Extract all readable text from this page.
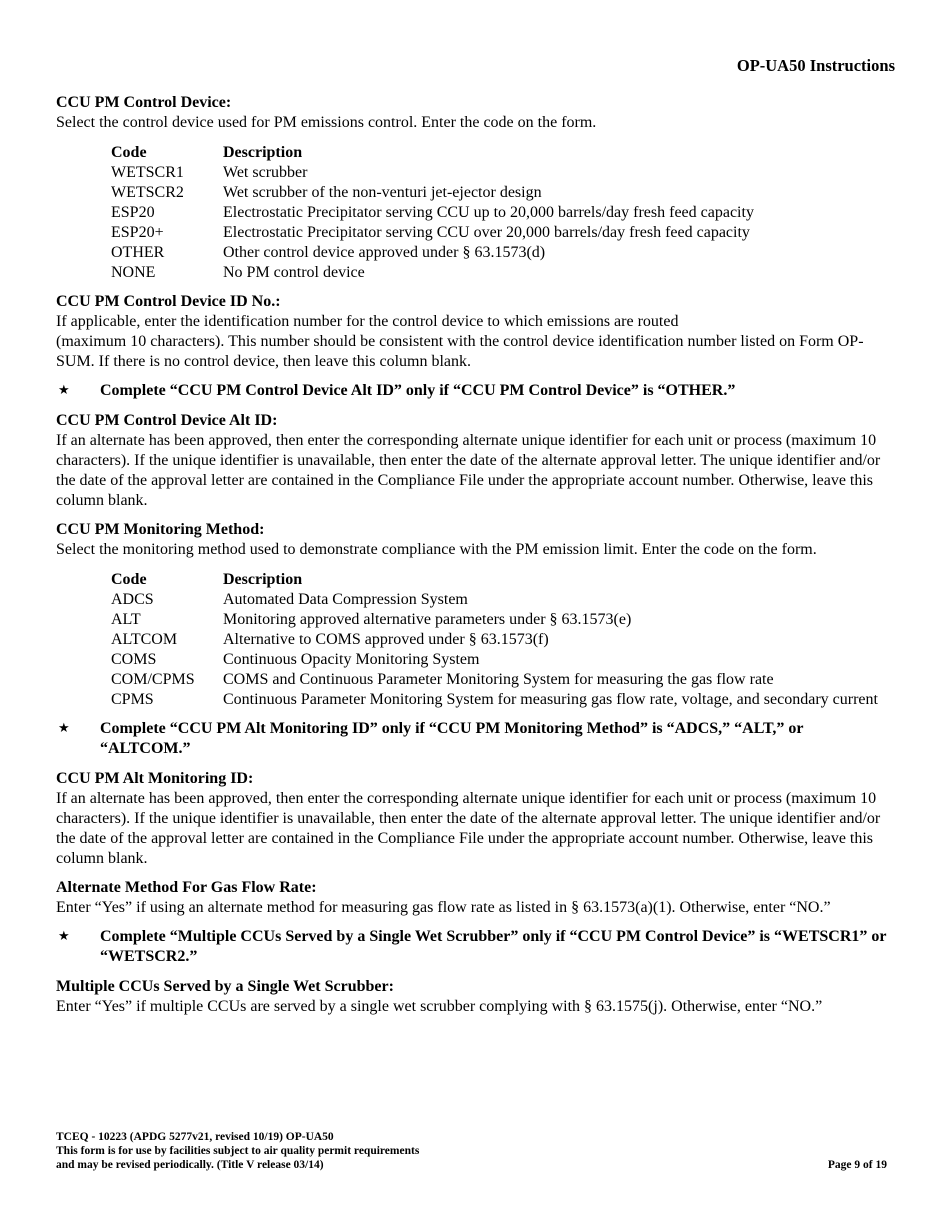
OP-UA50 Instructions
CCU PM Control Device:

Select the control device used for PM emissions control. Enter the code on the form.

Code	Description
WETSCR1	Wet scrubber
WETSCR2	Wet scrubber of the non-venturi jet-ejector design
ESP20	Electrostatic Precipitator serving CCU up to 20,000 barrels/day fresh feed capacity
ESP20+	Electrostatic Precipitator serving CCU over 20,000 barrels/day fresh feed capacity
OTHER	Other control device approved under § 63.1573(d)
NONE	No PM control device
CCU PM Control Device ID No.:

If applicable, enter the identification number for the control device to which emissions are routed

(maximum 10 characters). This number should be consistent with the control device identification number listed on Form OP-SUM. If there is no control device, then leave this column blank.

★	Complete “CCU PM Control Device Alt ID” only if “CCU PM Control Device” is “OTHER.”
CCU PM Control Device Alt ID:

If an alternate has been approved, then enter the corresponding alternate unique identifier for each unit or process (maximum 10 characters). If the unique identifier is unavailable, then enter the date of the alternate approval letter. The unique identifier and/or the date of the approval letter are contained in the Compliance File under the appropriate account number. Otherwise, leave this column blank.

CCU PM Monitoring Method:

Select the monitoring method used to demonstrate compliance with the PM emission limit. Enter the code on the form.

Code	Description
ADCS	Automated Data Compression System
ALT	Monitoring approved alternative parameters under § 63.1573(e)
ALTCOM	Alternative to COMS approved under § 63.1573(f)
COMS	Continuous Opacity Monitoring System
COM/CPMS	COMS and Continuous Parameter Monitoring System for measuring the gas flow rate
CPMS	Continuous Parameter Monitoring System for measuring gas flow rate, voltage, and secondary current
★	Complete “CCU PM Alt Monitoring ID” only if “CCU PM Monitoring Method” is “ADCS,” “ALT,” or “ALTCOM.”
CCU PM Alt Monitoring ID:

If an alternate has been approved, then enter the corresponding alternate unique identifier for each unit or process (maximum 10 characters). If the unique identifier is unavailable, then enter the date of the alternate approval letter. The unique identifier and/or the date of the approval letter are contained in the Compliance File under the appropriate account number. Otherwise, leave this column blank.

Alternate Method For Gas Flow Rate:

Enter “Yes” if using an alternate method for measuring gas flow rate as listed in § 63.1573(a)(1). Otherwise, enter “NO.”

★	Complete “Multiple CCUs Served by a Single Wet Scrubber” only if “CCU PM Control Device” is “WETSCR1” or “WETSCR2.”
Multiple CCUs Served by a Single Wet Scrubber:

Enter “Yes” if multiple CCUs are served by a single wet scrubber complying with § 63.1575(j). Otherwise, enter “NO.”

TCEQ - 10223 (APDG 5277v21, revised 10/19) OP-UA50
This form is for use by facilities subject to air quality permit requirements
and may be revised periodically. (Title V release 03/14)	Page 9 of 19
